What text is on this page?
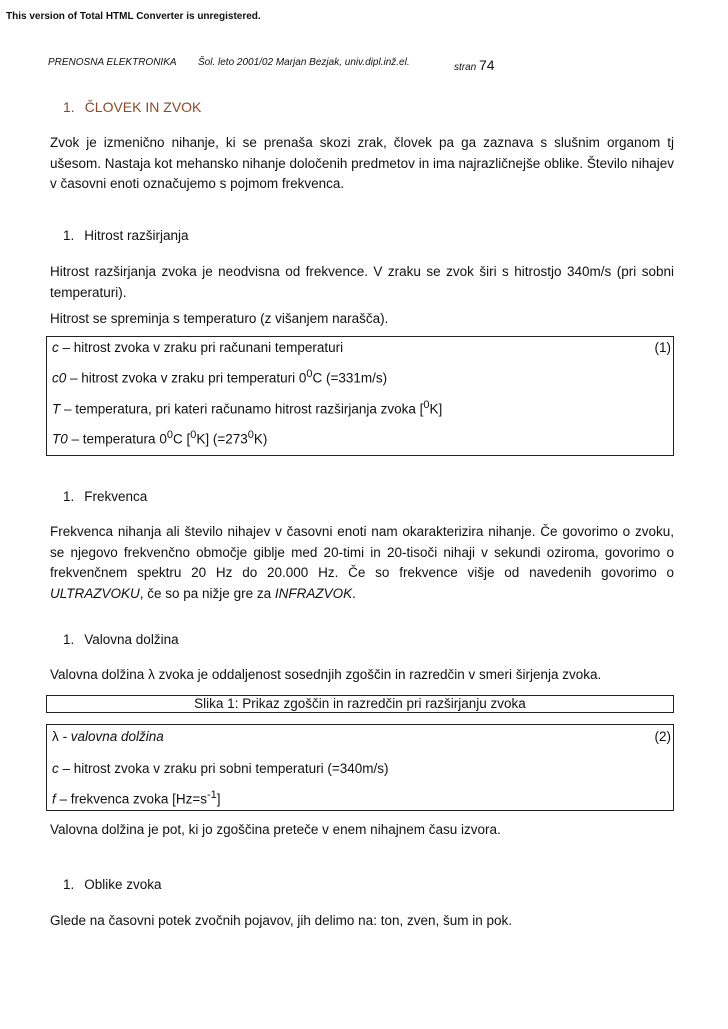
This version of Total HTML Converter is unregistered.
PRENOSNA ELEKTRONIKA Šol. leto 2001/02 Marjan Bezjak, univ.dipl.inž.el.	stran 74
1. ČLOVEK IN ZVOK
Zvok je izmenično nihanje, ki se prenaša skozi zrak, človek pa ga zaznava s slušnim organom tj ušesom. Nastaja kot mehansko nihanje določenih predmetov in ima najrazličnejše oblike. Število nihajev v časovni enoti označujemo s pojmom frekvenca.
1. Hitrost razširjanja
Hitrost razširjanja zvoka je neodvisna od frekvence. V zraku se zvok širi s hitrostjo 340m/s (pri sobni temperaturi).
Hitrost se spreminja s temperaturo (z višanjem narašča).
c – hitrost zvoka v zraku pri računani temperaturi	(1)
c0 – hitrost zvoka v zraku pri temperaturi $0^0C$ (=331m/s)
T – temperatura, pri kateri računamo hitrost razširjanja zvoka [$^0$K]
T0 – temperatura $0^0C$ [$^0$K] $(=273^0K)$
1. Frekvenca
Frekvenca nihanja ali število nihajev v časovni enoti nam okarakterizira nihanje. Če govorimo o zvoku, se njegovo frekvenčno območje giblje med 20-timi in 20-tisoči nihaji v sekundi oziroma, govorimo o frekvenčnem spektru 20 Hz do 20.000 Hz. Če so frekvence višje od navedenih govorimo o ULTRAZVOKU, če so pa nižje gre za INFRAZVOK.
1. Valovna dolžina
Valovna dolžina λ zvoka je oddaljenost sosednjih zgoščin in razredčin v smeri širjenja zvoka.
Slika 1: Prikaz zgoščin in razredčin pri razširjanju zvoka
λ - valovna dolžina	(2)
c – hitrost zvoka v zraku pri sobni temperaturi (=340m/s)
f – frekvenca zvoka $[Hz=s^{-1}]$
Valovna dolžina je pot, ki jo zgoščina preteče v enem nihajnem času izvora.
1. Oblike zvoka
Glede na časovni potek zvočnih pojavov, jih delimo na: ton, zven, šum in pok.
